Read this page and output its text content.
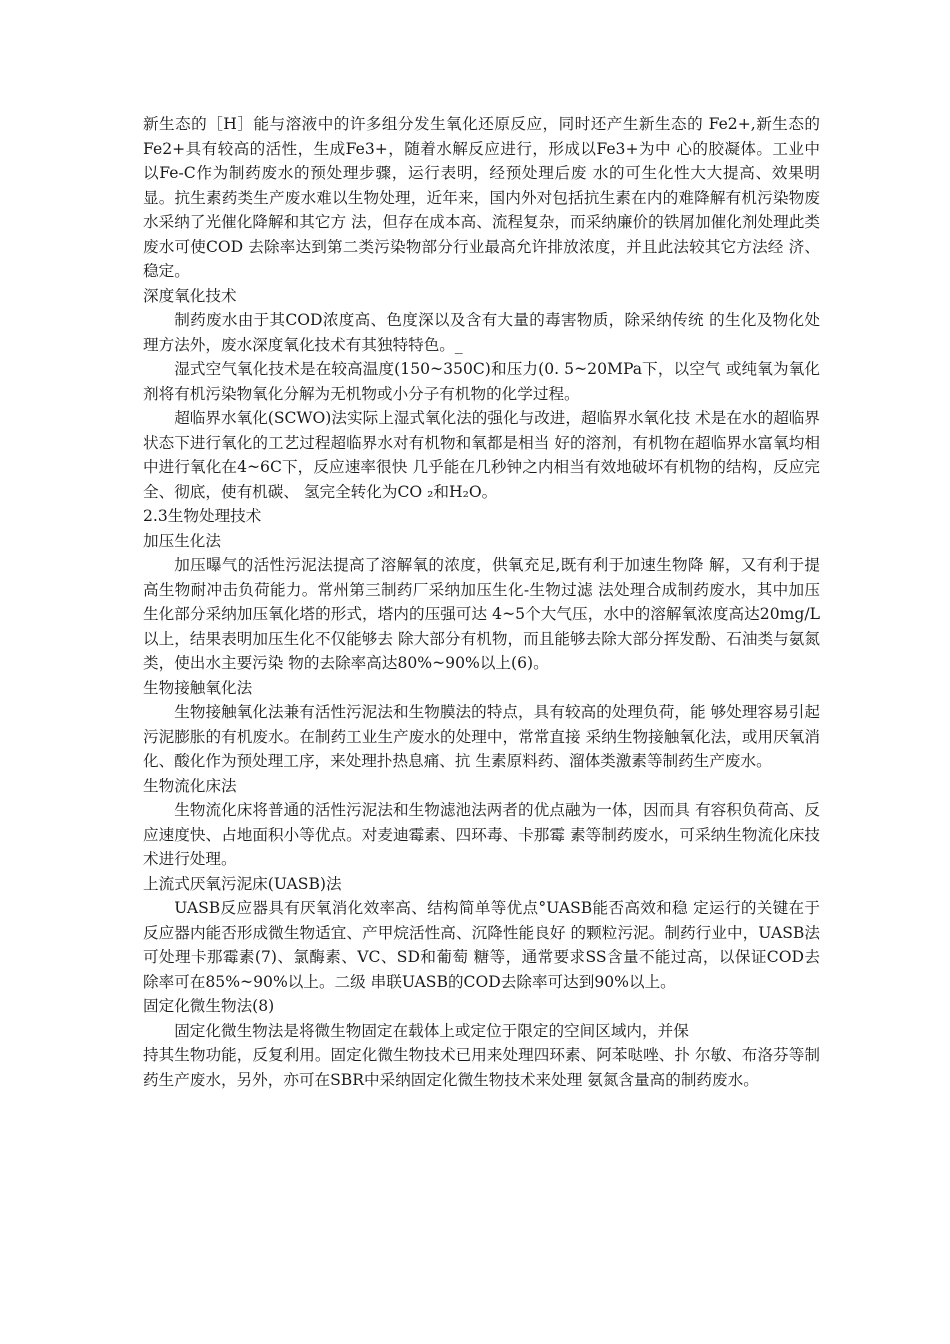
新生态的［H］能与溶液中的许多组分发生氧化还原反应，同时还产生新生态的 Fe2+,新生态的Fe2+具有较高的活性，生成Fe3+，随着水解反应进行，形成以Fe3+为中 心的胶凝体。工业中以Fe-C作为制药废水的预处理步骤，运行表明，经预处理后废 水的可生化性大大提高、效果明显。抗生素药类生产废水难以生物处理，近年来，国内外对包括抗生素在内的难降解有机污染物废水采纳了光催化降解和其它方 法，但存在成本高、流程复杂，而采纳廉价的铁屑加催化剂处理此类废水可使COD 去除率达到第二类污染物部分行业最高允许排放浓度，并且此法较其它方法经 济、稳定。

深度氧化技术

制药废水由于其COD浓度高、色度深以及含有大量的毒害物质，除采纳传统 的生化及物化处理方法外，废水深度氧化技术有其独特特色。_

湿式空气氧化技术是在较高温度(150~350C)和压力(0. 5~20MPa下，以空气 或纯氧为氧化剂将有机污染物氧化分解为无机物或小分子有机物的化学过程。

超临界水氧化(SCWO)法实际上湿式氧化法的强化与改进，超临界水氧化技 术是在水的超临界状态下进行氧化的工艺过程超临界水对有机物和氧都是相当 好的溶剂，有机物在超临界水富氧均相中进行氧化在4~6C下，反应速率很快 几乎能在几秒钟之内相当有效地破坏有机物的结构，反应完全、彻底，使有机碳、 氢完全转化为CO ₂和H₂O。

2.3生物处理技术

加压生化法

加压曝气的活性污泥法提高了溶解氧的浓度，供氧充足,既有利于加速生物降 解，又有利于提高生物耐冲击负荷能力。常州第三制药厂采纳加压生化-生物过滤 法处理合成制药废水，其中加压生化部分采纳加压氧化塔的形式，塔内的压强可达 4~5个大气压，水中的溶解氧浓度高达20mg/L以上，结果表明加压生化不仅能够去 除大部分有机物，而且能够去除大部分挥发酚、石油类与氨氮类，使出水主要污染 物的去除率高达80%~90%以上(6)。

生物接触氧化法

生物接触氧化法兼有活性污泥法和生物膜法的特点，具有较高的处理负荷，能 够处理容易引起污泥膨胀的有机废水。在制药工业生产废水的处理中，常常直接 采纳生物接触氧化法，或用厌氧消化、酸化作为预处理工序，来处理扑热息痛、抗 生素原料药、溜体类激素等制药生产废水。

生物流化床法

生物流化床将普通的活性污泥法和生物滤池法两者的优点融为一体，因而具 有容积负荷高、反应速度快、占地面积小等优点。对麦迪霉素、四环毒、卡那霉 素等制药废水，可采纳生物流化床技术进行处理。

上流式厌氧污泥床(UASB)法

UASB反应器具有厌氧消化效率高、结构简单等优点°UASB能否高效和稳 定运行的关键在于反应器内能否形成微生物适宜、产甲烷活性高、沉降性能良好 的颗粒污泥。制药行业中，UASB法可处理卡那霉素(7)、氯酶素、VC、SD和葡萄 糖等，通常要求SS含量不能过高，以保证COD去除率可在85%~90%以上。二级 串联UASB的COD去除率可达到90%以上。

固定化微生物法(8)

固定化微生物法是将微生物固定在载体上或定位于限定的空间区域内，并保

持其生物功能，反复利用。固定化微生物技术已用来处理四环素、阿苯哒唑、扑 尔敏、布洛芬等制药生产废水，另外，亦可在SBR中采纳固定化微生物技术来处理 氨氮含量高的制药废水。
